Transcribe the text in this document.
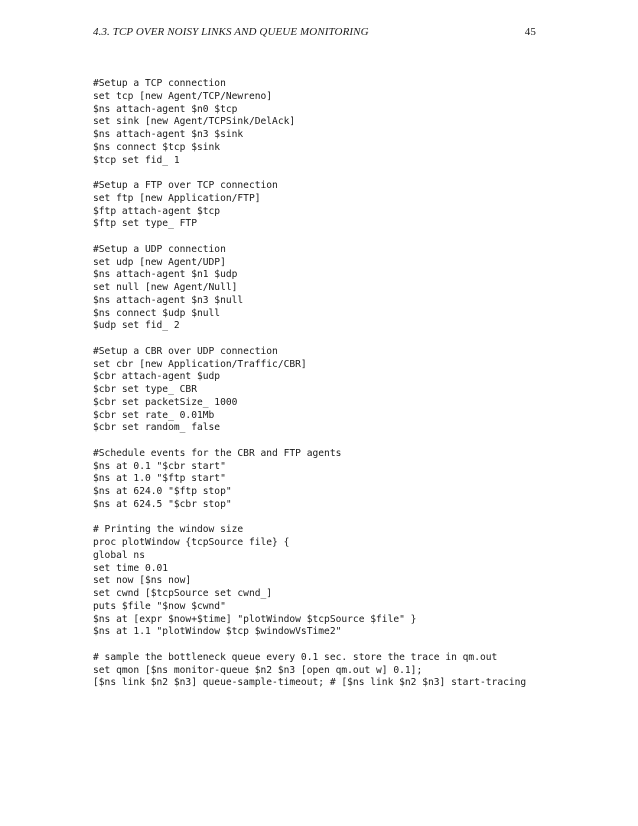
4.3. TCP OVER NOISY LINKS AND QUEUE MONITORING	45
#Setup a TCP connection
set tcp [new Agent/TCP/Newreno]
$ns attach-agent $n0 $tcp
set sink [new Agent/TCPSink/DelAck]
$ns attach-agent $n3 $sink
$ns connect $tcp $sink
$tcp set fid_ 1
#Setup a FTP over TCP connection
set ftp [new Application/FTP]
$ftp attach-agent $tcp
$ftp set type_ FTP
#Setup a UDP connection
set udp [new Agent/UDP]
$ns attach-agent $n1 $udp
set null [new Agent/Null]
$ns attach-agent $n3 $null
$ns connect $udp $null
$udp set fid_ 2
#Setup a CBR over UDP connection
set cbr [new Application/Traffic/CBR]
$cbr attach-agent $udp
$cbr set type_ CBR
$cbr set packetSize_ 1000
$cbr set rate_ 0.01Mb
$cbr set random_ false
#Schedule events for the CBR and FTP agents
$ns at 0.1 "$cbr start"
$ns at 1.0 "$ftp start"
$ns at 624.0 "$ftp stop"
$ns at 624.5 "$cbr stop"
# Printing the window size
proc plotWindow {tcpSource file} {
global ns
set time 0.01
set now [$ns now]
set cwnd [$tcpSource set cwnd_]
puts $file "$now $cwnd"
$ns at [expr $now+$time] "plotWindow $tcpSource $file" }
$ns at 1.1 "plotWindow $tcp $windowVsTime2"
# sample the bottleneck queue every 0.1 sec. store the trace in qm.out
set qmon [$ns monitor-queue $n2 $n3 [open qm.out w] 0.1];
[$ns link $n2 $n3] queue-sample-timeout; # [$ns link $n2 $n3] start-tracing
